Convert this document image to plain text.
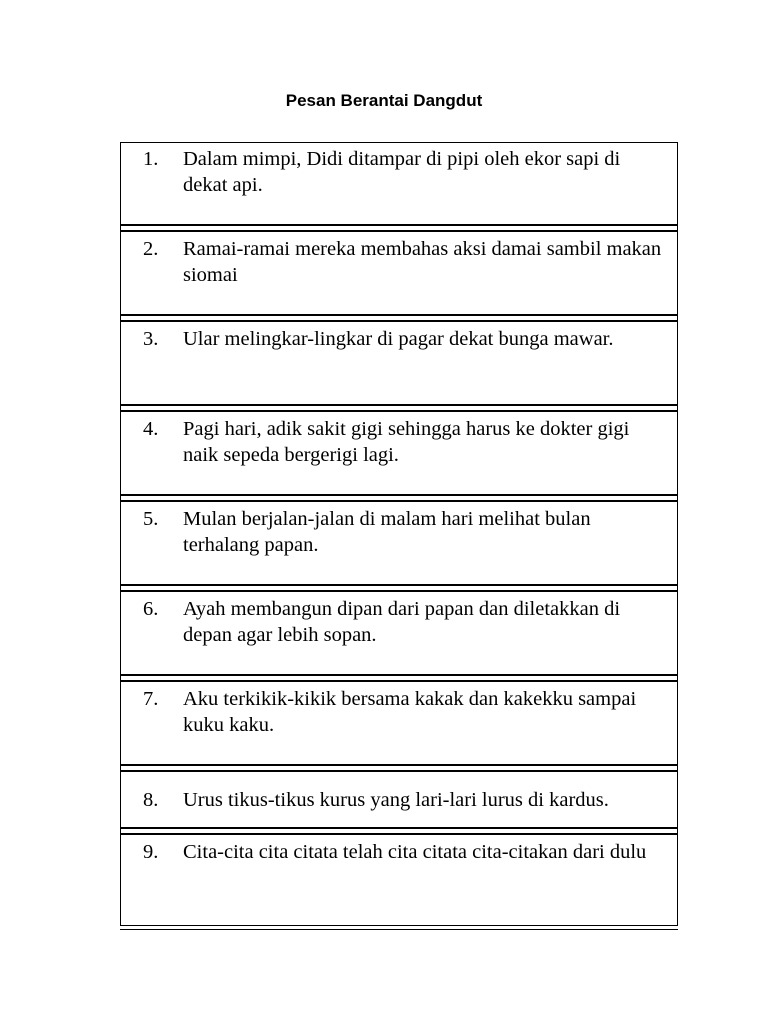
Pesan Berantai Dangdut
1.	Dalam mimpi, Didi ditampar di pipi oleh ekor sapi di dekat api.
2.	Ramai-ramai mereka membahas aksi damai sambil makan siomai
3.	Ular melingkar-lingkar di pagar dekat bunga mawar.
4.	Pagi hari, adik sakit gigi sehingga harus ke dokter gigi naik sepeda bergerigi lagi.
5.	Mulan berjalan-jalan di malam hari melihat bulan terhalang papan.
6.	Ayah membangun dipan dari papan dan diletakkan di depan agar lebih sopan.
7.	Aku terkikik-kikik bersama kakak dan kakekku sampai kuku kaku.
8.	Urus tikus-tikus kurus yang lari-lari lurus di kardus.
9.	Cita-cita cita citata telah cita citata cita-citakan dari dulu
